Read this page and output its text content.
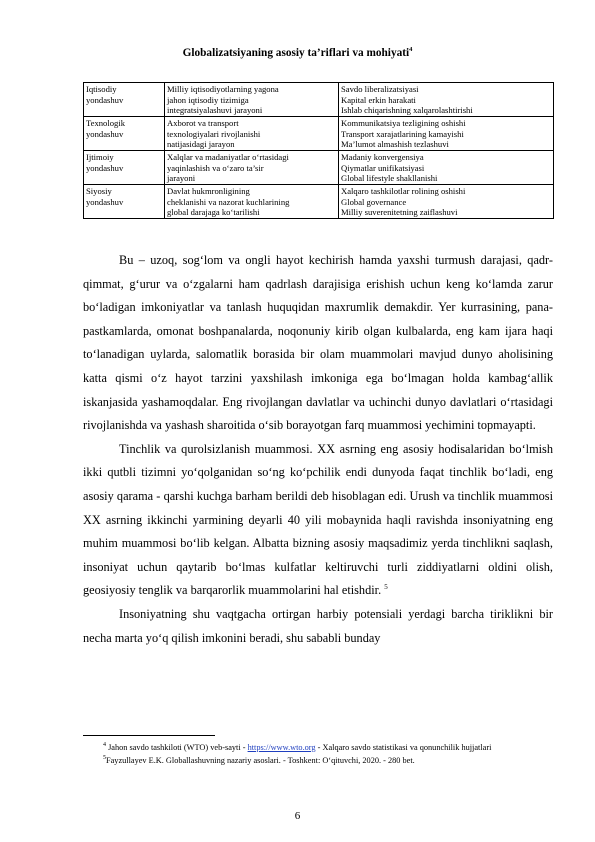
Globalizatsiyaning asosiy ta’riflari va mohiyati$^4$
Iqtisodiy
yondashuv	Milliy iqtisodiyotlarning yagona
jahon iqtisodiy tizimiga
integratsiyalashuvi jarayoni	Savdo liberalizatsiyasi
Kapital erkin harakati
Ishlab chiqarishning xalqarolashtirishi

Texnologik
yondashuv	Axborot va transport
texnologiyalari rivojlanishi
natijasidagi jarayon	Kommunikatsiya tezligining oshishi
Transport xarajatlarining kamayishi
Ma’lumot almashish tezlashuvi

Ijtimoiy
yondashuv	Xalqlar va madaniyatlar o‘rtasidagi
yaqinlashish va o‘zaro ta’sir
jarayoni	Madaniy konvergensiya
Qiymatlar unifikatsiyasi
Global lifestyle shakllanishi

Siyosiy
yondashuv	Davlat hukmronligining
cheklanishi va nazorat kuchlarining
global darajaga ko‘tarilishi	Xalqaro tashkilotlar rolining oshishi
Global governance
Milliy suverenitetning zaiflashuvi

Bu – uzoq, sog‘lom va ongli hayot kechirish hamda yaxshi turmush darajasi, qadr-qimmat, g‘urur va o‘zgalarni ham qadrlash darajisiga erishish uchun keng ko‘lamda zarur bo‘ladigan imkoniyatlar va tanlash huquqidan maxrumlik demakdir. Yer kurrasining, pana-pastkamlarda, omonat boshpanalarda, noqonuniy kirib olgan kulbalarda, eng kam ijara haqi to‘lanadigan uylarda, salomatlik borasida bir olam muammolari mavjud dunyo aholisining katta qismi o‘z hayot tarzini yaxshilash imkoniga ega bo‘lmagan holda kambag‘allik iskanjasida yashamoqdalar. Eng rivojlangan davlatlar va uchinchi dunyo davlatlari o‘rtasidagi rivojlanishda va yashash sharoitida o‘sib borayotgan farq muammosi yechimini topmayapti.

Tinchlik va qurolsizlanish muammosi. XX asrning eng asosiy hodisalaridan bo‘lmish ikki qutbli tizimni yo‘qolganidan so‘ng ko‘pchilik endi dunyoda faqat tinchlik bo‘ladi, eng asosiy qarama - qarshi kuchga barham berildi deb hisoblagan edi. Urush va tinchlik muammosi XX asrning ikkinchi yarmining deyarli 40 yili mobaynida haqli ravishda insoniyatning eng muhim muammosi bo‘lib kelgan. Albatta bizning asosiy maqsadimiz yerda tinchlikni saqlash, insoniyat uchun qaytarib bo‘lmas kulfatlar keltiruvchi turli ziddiyatlarni oldini olish, geosiyosiy tenglik va barqarorlik muammolarini hal etishdir. $^5$

Insoniyatning shu vaqtgacha ortirgan harbiy potensiali yerdagi barcha tiriklikni bir necha marta yo‘q qilish imkonini beradi, shu sababli bunday

$^4$ Jahon savdo tashkiloti (WTO) veb-sayti - https://www.wto.org - Xalqaro savdo statistikasi va qonunchilik hujjatlari

$^5$Fayzullayev E.K. Globallashuvning nazariy asoslari. - Toshkent: O‘qituvchi, 2020. - 280 bet.

6
